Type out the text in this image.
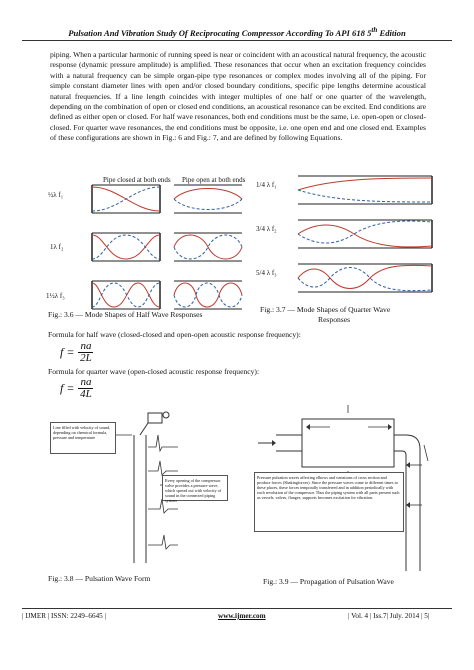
Pulsation And Vibration Study Of Reciprocating Compressor According To API 618 5th Edition
piping. When a particular harmonic of running speed is near or coincident with an acoustical natural frequency, the acoustic response (dynamic pressure amplitude) is amplified. These resonances that occur when an excitation frequency coincides with a natural frequency can be simple organ-pipe type resonances or complex modes involving all of the piping. For simple constant diameter lines with open and/or closed boundary conditions, specific pipe lengths determine acoustical natural frequencies. If a line length coincides with integer multiples of one half or one quarter of the wavelength, depending on the combination of open or closed end conditions, an acoustical resonance can be excited. End conditions are defined as either open or closed. For half wave resonances, both end conditions must be the same, i.e. open-open or closed-closed. For quarter wave resonances, the end conditions must be opposite, i.e. one open end and one closed end. Examples of these configurations are shown in Fig.: 6 and Fig.: 7, and are defined by following Equations.
Pipe closed at both ends Pipe open at both ends
½λ f₁
1λ f₂
1½λ f₃
Fig.: 3.6 — Mode Shapes of Half Wave Responses
1/4 λ f₁
3/4 λ f₂
5/4 λ f₃
Fig.: 3.7 — Mode Shapes of Quarter Wave
Responses
Formula for half wave (closed-closed and open-open acoustic response frequency):
$f = \frac{na}{2L}$
Formula for quarter wave (open-closed acoustic response frequency):
$f = \frac{na}{4L}$
Line filled with velocity of sound, depending on chemical formula, pressure and temperature
Every opening of the compressor valve provides a pressure wave, which spread out with velocity of sound in the connected piping system
Fig.: 3.8 — Pulsation Wave Form
Pressure pulsation waves affecting elbows and variations of cross section and produce forces (Shakingforces). Since the pressure waves come to different times to these places, these forces temporally transferred and in addition periodically with each revolution of the compressor. Thus the piping system with all parts present such as vessels, valves, flanges, supports becomes excitation for vibration.
Fig.: 3.9 — Propagation of Pulsation Wave
| IJMER | ISSN: 2249–6645 |	www.ijmer.com	| Vol. 4 | Iss.7| July. 2014 | 5|
